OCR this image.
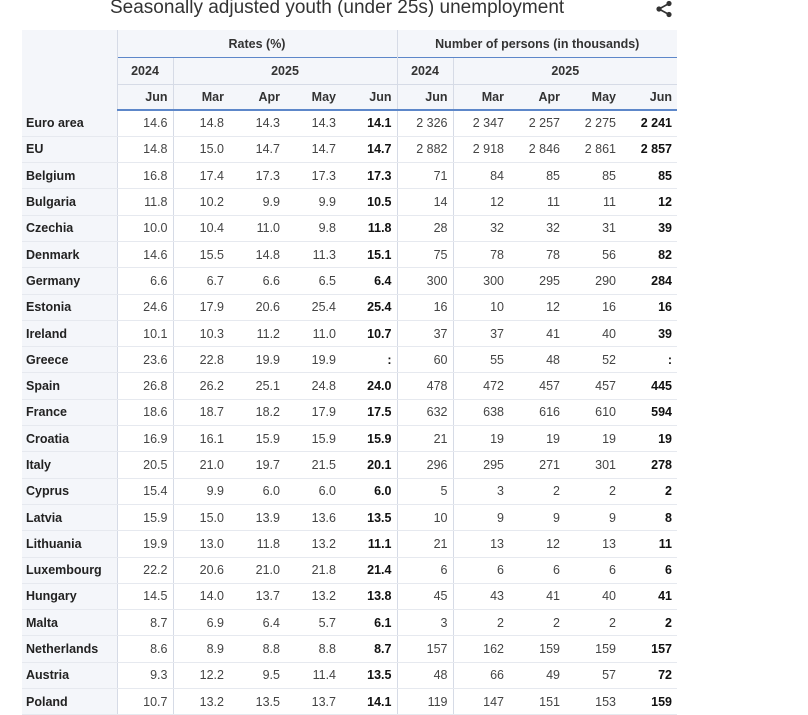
Seasonally adjusted youth (under 25s) unemployment
	Rates (%)					Number of persons (in thousands)				
	2024	2025				2024	2025			
	Jun	Mar	Apr	May	Jun	Jun	Mar	Apr	May	Jun
Euro area	14.6	14.8	14.3	14.3	14.1	2 326	2 347	2 257	2 275	2 241
EU	14.8	15.0	14.7	14.7	14.7	2 882	2 918	2 846	2 861	2 857
Belgium	16.8	17.4	17.3	17.3	17.3	71	84	85	85	85
Bulgaria	11.8	10.2	9.9	9.9	10.5	14	12	11	11	12
Czechia	10.0	10.4	11.0	9.8	11.8	28	32	32	31	39
Denmark	14.6	15.5	14.8	11.3	15.1	75	78	78	56	82
Germany	6.6	6.7	6.6	6.5	6.4	300	300	295	290	284
Estonia	24.6	17.9	20.6	25.4	25.4	16	10	12	16	16
Ireland	10.1	10.3	11.2	11.0	10.7	37	37	41	40	39
Greece	23.6	22.8	19.9	19.9	:	60	55	48	52	:
Spain	26.8	26.2	25.1	24.8	24.0	478	472	457	457	445
France	18.6	18.7	18.2	17.9	17.5	632	638	616	610	594
Croatia	16.9	16.1	15.9	15.9	15.9	21	19	19	19	19
Italy	20.5	21.0	19.7	21.5	20.1	296	295	271	301	278
Cyprus	15.4	9.9	6.0	6.0	6.0	5	3	2	2	2
Latvia	15.9	15.0	13.9	13.6	13.5	10	9	9	9	8
Lithuania	19.9	13.0	11.8	13.2	11.1	21	13	12	13	11
Luxembourg	22.2	20.6	21.0	21.8	21.4	6	6	6	6	6
Hungary	14.5	14.0	13.7	13.2	13.8	45	43	41	40	41
Malta	8.7	6.9	6.4	5.7	6.1	3	2	2	2	2
Netherlands	8.6	8.9	8.8	8.8	8.7	157	162	159	159	157
Austria	9.3	12.2	9.5	11.4	13.5	48	66	49	57	72
Poland	10.7	13.2	13.5	13.7	14.1	119	147	151	153	159
